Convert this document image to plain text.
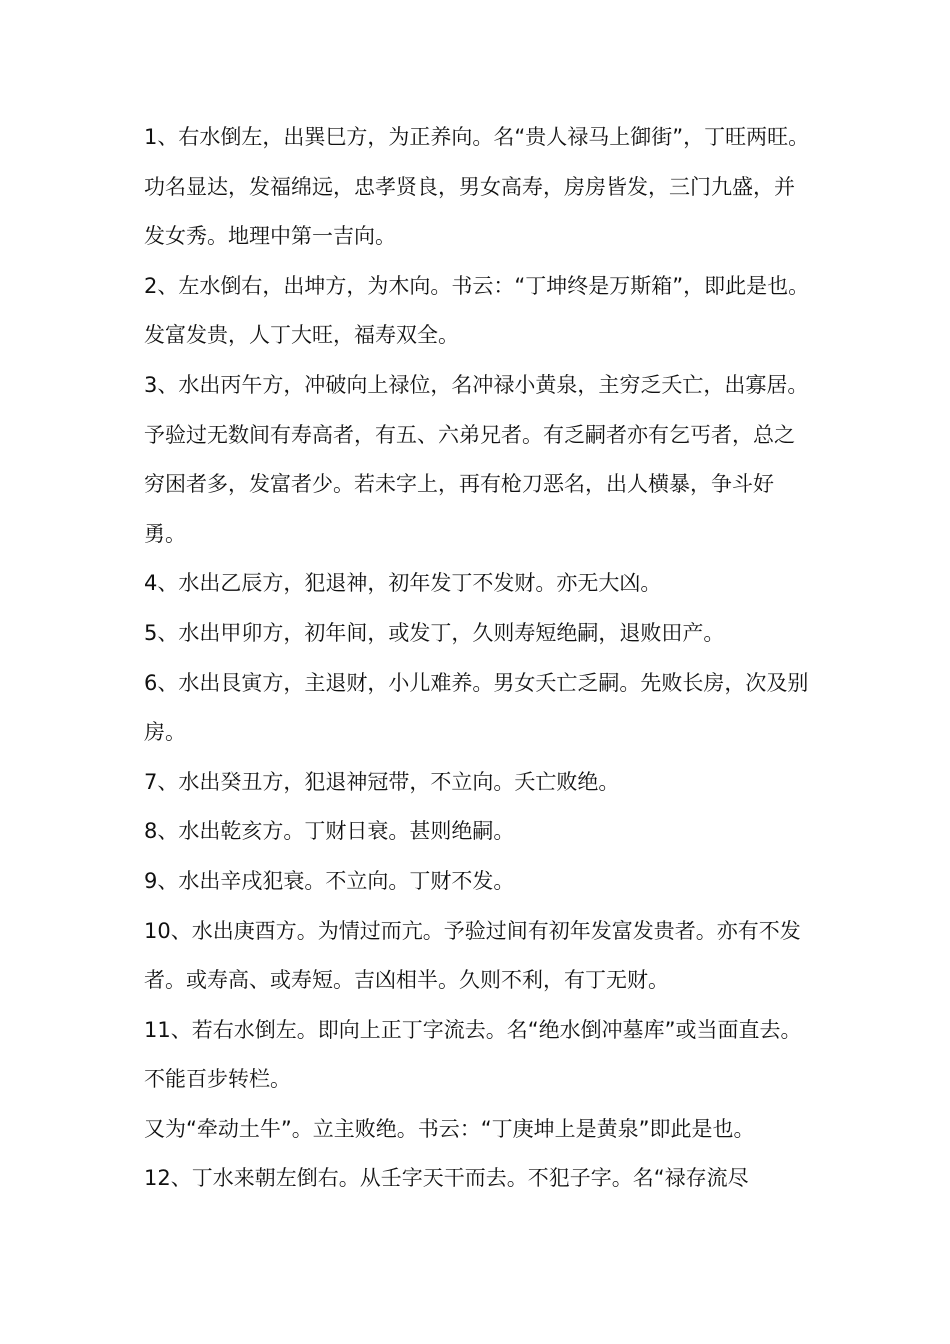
1、右水倒左，出巽巳方，为正养向。名“贵人禄马上御街”，丁旺两旺。功名显达，发福绵远，忠孝贤良，男女高寿，房房皆发，三门九盛，并发女秀。地理中第一吉向。

2、左水倒右，出坤方，为木向。书云：“丁坤终是万斯箱”，即此是也。发富发贵，人丁大旺，福寿双全。

3、水出丙午方，冲破向上禄位，名冲禄小黄泉，主穷乏夭亡，出寡居。予验过无数间有寿高者，有五、六弟兄者。有乏嗣者亦有乞丐者，总之穷困者多，发富者少。若未字上，再有枪刀恶名，出人横暴，争斗好勇。

4、水出乙辰方，犯退神，初年发丁不发财。亦无大凶。

5、水出甲卯方，初年间，或发丁，久则寿短绝嗣，退败田产。

6、水出艮寅方，主退财，小儿难养。男女夭亡乏嗣。先败长房，次及别房。

7、水出癸丑方，犯退神冠带，不立向。夭亡败绝。

8、水出乾亥方。丁财日衰。甚则绝嗣。

9、水出辛戌犯衰。不立向。丁财不发。

10、水出庚酉方。为情过而亢。予验过间有初年发富发贵者。亦有不发者。或寿高、或寿短。吉凶相半。久则不利，有丁无财。

11、若右水倒左。即向上正丁字流去。名“绝水倒冲墓库”或当面直去。不能百步转栏。

又为“牵动土牛”。立主败绝。书云：“丁庚坤上是黄泉”即此是也。

12、丁水来朝左倒右。从壬字天干而去。不犯子字。名“禄存流尽
